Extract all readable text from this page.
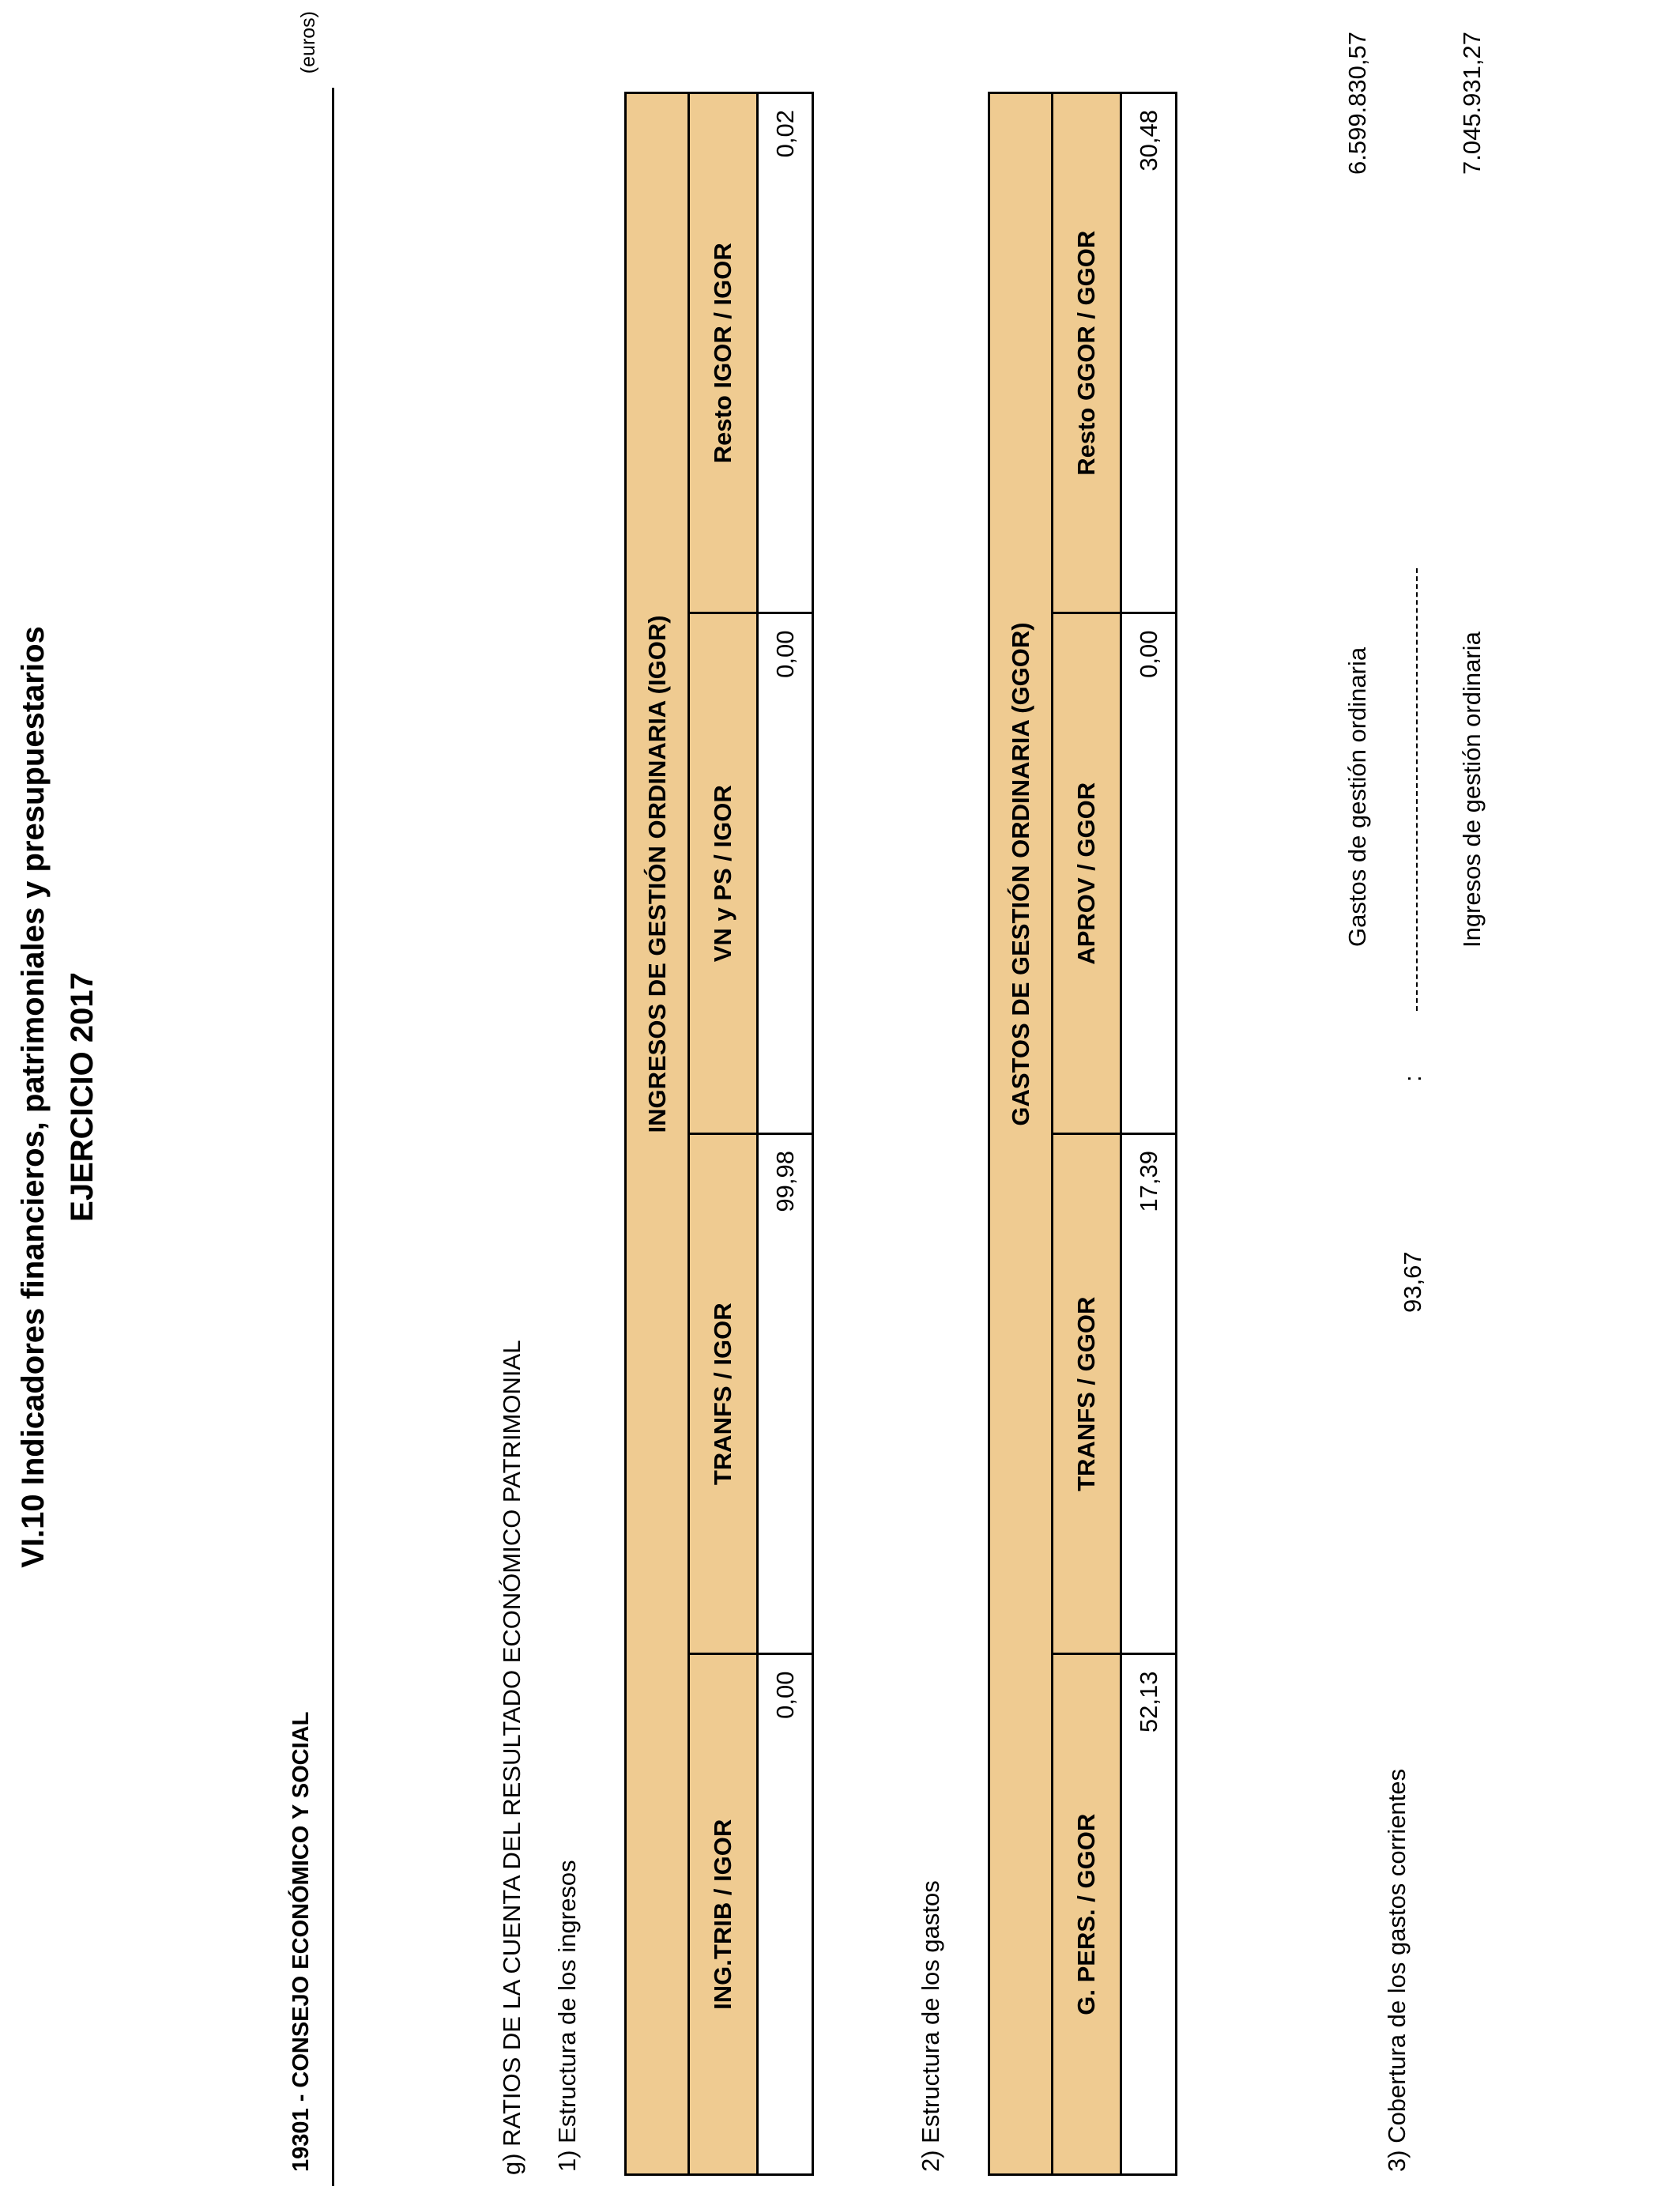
VI.10 Indicadores financieros, patrimoniales y presupuestarios EJERCICIO 2017
19301 - CONSEJO ECONÓMICO Y SOCIAL
(euros)
g) RATIOS DE LA CUENTA DEL RESULTADO ECONÓMICO PATRIMONIAL 1) Estructura de los ingresos
	INGRESOS DE GESTIÓN ORDINARIA (IGOR)		
ING.TRIB / IGOR	TRANFS / IGOR	VN y PS / IGOR	Resto IGOR / IGOR
0,00	99,98	0,00	0,02
2) Estructura de los gastos
	GASTOS DE GESTIÓN ORDINARIA (GGOR)		
G. PERS. / GGOR	TRANFS / GGOR	APROV / GGOR	Resto GGOR / GGOR
52,13	17,39	0,00	30,48
3) Cobertura de los gastos corrientes
93,67
:
Gastos de gestión ordinaria
6.599.830,57
Ingresos de gestión ordinaria
7.045.931,27
